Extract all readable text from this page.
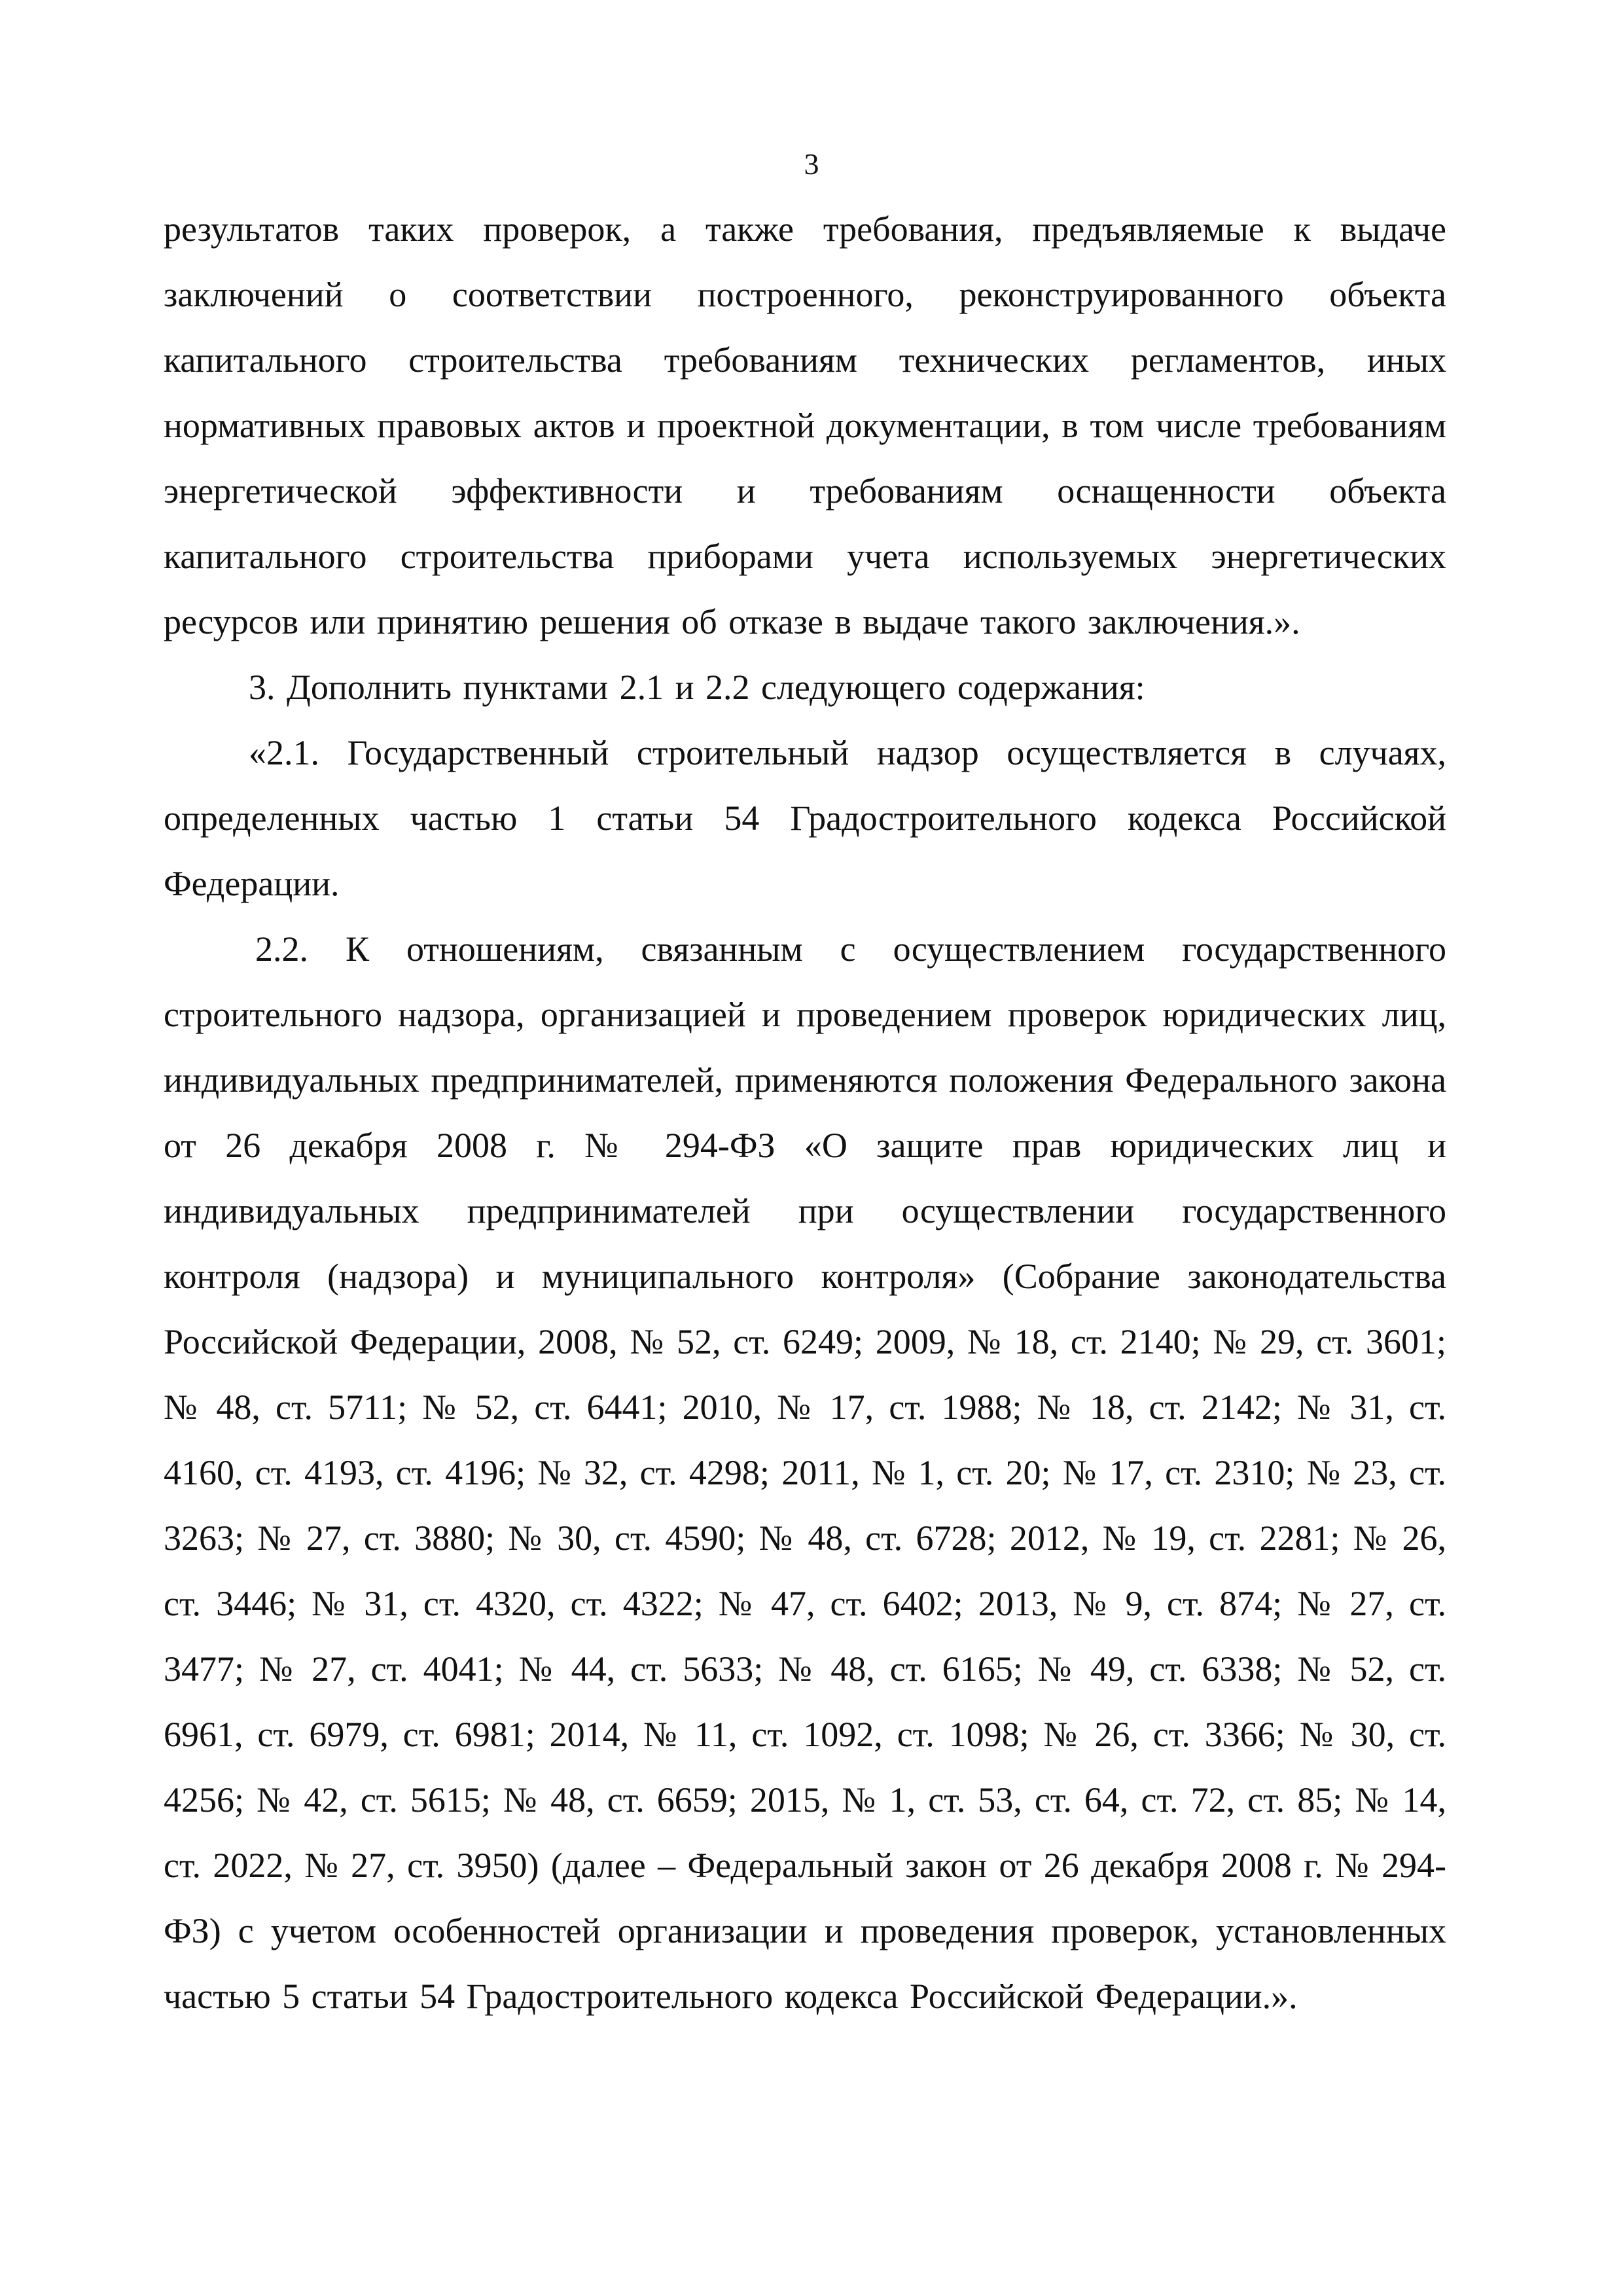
3

результатов таких проверок, а также требования, предъявляемые к выдаче заключений о соответствии построенного, реконструированного объекта капитального строительства требованиям технических регламентов, иных нормативных правовых актов и проектной документации, в том числе требованиям энергетической эффективности и требованиям оснащенности объекта капитального строительства приборами учета используемых энергетических ресурсов или принятию решения об отказе в выдаче такого заключения.».

3. Дополнить пунктами 2.1 и 2.2 следующего содержания:

«2.1. Государственный строительный надзор осуществляется в случаях, определенных частью 1 статьи 54 Градостроительного кодекса Российской Федерации.

2.2. К отношениям, связанным с осуществлением государственного строительного надзора, организацией и проведением проверок юридических лиц, индивидуальных предпринимателей, применяются положения Федерального закона от 26 декабря 2008 г. № 294-ФЗ «О защите прав юридических лиц и индивидуальных предпринимателей при осуществлении государственного контроля (надзора) и муниципального контроля» (Собрание законодательства Российской Федерации, 2008, № 52, ст. 6249; 2009, № 18, ст. 2140; № 29, ст. 3601; № 48, ст. 5711; № 52, ст. 6441; 2010, № 17, ст. 1988; № 18, ст. 2142; № 31, ст. 4160, ст. 4193, ст. 4196; № 32, ст. 4298; 2011, № 1, ст. 20; № 17, ст. 2310; № 23, ст. 3263; № 27, ст. 3880; № 30, ст. 4590; № 48, ст. 6728; 2012, № 19, ст. 2281; № 26, ст. 3446; № 31, ст. 4320, ст. 4322; № 47, ст. 6402; 2013, № 9, ст. 874; № 27, ст. 3477; № 27, ст. 4041; № 44, ст. 5633; № 48, ст. 6165; № 49, ст. 6338; № 52, ст. 6961, ст. 6979, ст. 6981; 2014, № 11, ст. 1092, ст. 1098; № 26, ст. 3366; № 30, ст. 4256; № 42, ст. 5615; № 48, ст. 6659; 2015, № 1, ст. 53, ст. 64, ст. 72, ст. 85; № 14, ст. 2022, № 27, ст. 3950) (далее – Федеральный закон от 26 декабря 2008 г. № 294-ФЗ) с учетом особенностей организации и проведения проверок, установленных частью 5 статьи 54 Градостроительного кодекса Российской Федерации.».
